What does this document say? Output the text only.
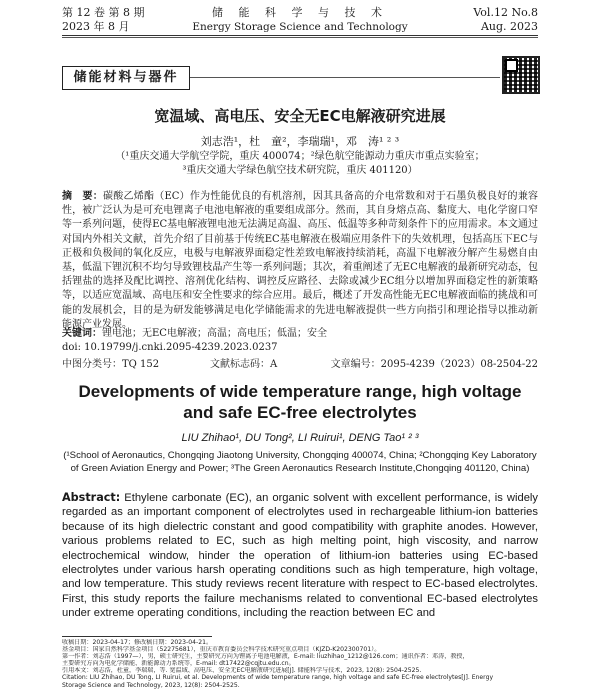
第 12 卷 第 8 期
2023 年 8 月
储 能 科 学 与 技 术
Energy Storage Science and Technology
Vol.12 No.8
Aug. 2023
储能材料与器件
宽温域、高电压、安全无EC电解液研究进展
刘志浩¹，杜　童²，李瑞瑞¹，邓　涛¹ ² ³
（¹重庆交通大学航空学院，重庆 400074；²绿色航空能源动力重庆市重点实验室；
³重庆交通大学绿色航空技术研究院，重庆 401120）
摘　要：碳酸乙烯酯（EC）作为性能优良的有机溶剂，因其具备高的介电常数和对于石墨负极良好的兼容性，被广泛认为是可充电锂离子电池电解液的重要组成部分。然而，其自身熔点高、黏度大、电化学窗口窄等一系列问题，使得EC基电解液锂电池无法满足高温、高压、低温等多种苛刻条件下的应用需求。本文通过对国内外相关文献，首先介绍了目前基于传统EC基电解液在极端应用条件下的失效机理，包括高压下EC与正极和负极间的氧化反应，电极与电解液界面稳定性差致电解液持续消耗，高温下电解液分解产生易燃自由基，低温下锂沉积不均匀导致锂枝晶产生等一系列问题；其次，着重阐述了无EC电解液的最新研究动态，包括锂盐的选择及配比调控、溶剂优化结构、调控反应路径、去除或减少EC组分以增加界面稳定性的新策略等，以适应宽温域、高电压和安全性要求的综合应用。最后，概述了开发高性能无EC电解液面临的挑战和可能的发展机会，目的是为研发能够满足电化学储能需求的先进电解液提供一些方向指引和理论指导以推动新能源产业发展。
关键词：锂电池；无EC电解液；高温；高电压；低温；安全
doi: 10.19799/j.cnki.2095-4239.2023.0237
中图分类号：TQ 152	文献标志码：A	文章编号：2095-4239（2023）08-2504-22
Developments of wide temperature range, high voltage and safe EC-free electrolytes
LIU Zhihao¹, DU Tong², LI Ruirui¹, DENG Tao¹ ² ³
(¹School of Aeronautics, Chongqing Jiaotong University, Chongqing 400074, China; ²Chongqing Key Laboratory of Green Aviation Energy and Power; ³The Green Aeronautics Research Institute,Chongqing 401120, China)
Abstract: Ethylene carbonate (EC), an organic solvent with excellent performance, is widely regarded as an important component of electrolytes used in rechargeable lithium-ion batteries because of its high dielectric constant and good compatibility with graphite anodes. However, various problems related to EC, such as high melting point, high viscosity, and narrow electrochemical window, hinder the operation of lithium-ion batteries using EC-based electrolytes under various harsh operating conditions such as high temperature, high voltage, and low temperature. This study reviews recent literature with respect to EC-based electrolytes. First, this study reports the failure mechanisms related to conventional EC-based electrolytes under extreme operating conditions, including the reaction between EC and
收稿日期：2023-04-17；修改稿日期：2023-04-21。
基金项目：国家自然科学基金项目（52275681），重庆市教育委员会科学技术研究重点项目（KJZD-K202300701）。
第一作者：刘志浩（1997—），男，硕士研究生，主要研究方向为锂离子电池电解液，E-mail: liuzhihao_1212@126.com；通讯作者：邓涛，教授，
主要研究方向为电化学储能、新能源动力系统等，E-mail: dt17422@cqjtu.edu.cn。
引用本文：刘志浩，杜童，李瑞瑞，等. 宽温域、高电压、安全无EC电解液研究进展[J]. 储能科学与技术，2023, 12(8): 2504-2525.
Citation: LIU Zhihao, DU Tong, LI Ruirui, et al. Developments of wide temperature range, high voltage and safe EC-free electrolytes[J]. Energy
Storage Science and Technology, 2023, 12(8): 2504-2525.
